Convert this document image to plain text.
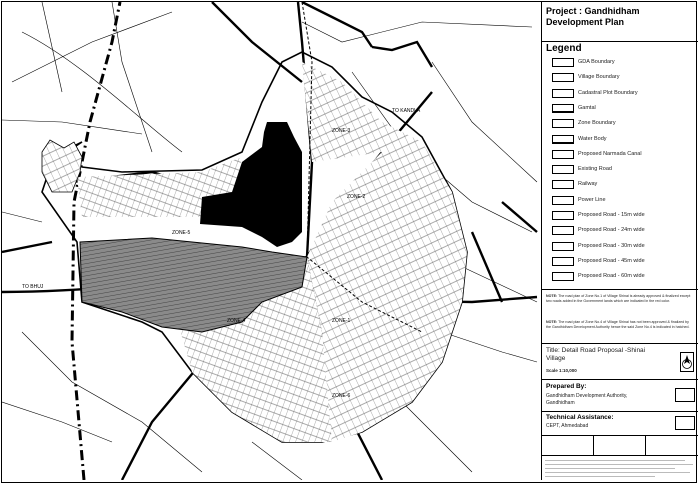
ZONE-3
ZONE-2
ZONE-5
ZONE-4	ZONE-1
ZONE-6
TO BHUJ
TO KANDLA
Project : Gandhidham
Development Plan
Legend
GDA Boundary
Village Boundary
Cadastral Plot Boundary
Gamtal
Zone Boundary
Water Body
Proposed Narmada Canal
Existing Road
Railway
Power Line
Proposed Road - 15m wide
Proposed Road - 24m wide
Proposed Road - 30m wide
Proposed Road - 45m wide
Proposed Road - 60m wide
NOTE: The road plan of Zone No.1 of Village Shinai is already approved & finalized except two roads added in the Government lands which are indicated in the red color.
NOTE: The road plan of Zone No.4 of Village Shinai has not been approved & finalized by the Gandhidham Development Authority hence the said Zone No.4 is indicated in hatched.
Title: Detail Road Proposal -Shinai Village
Scale 1:10,000
Prepared By:
Gandhidham Development Authority,
Gandhidham
Technical Assistance:
CEPT, Ahmedabad
